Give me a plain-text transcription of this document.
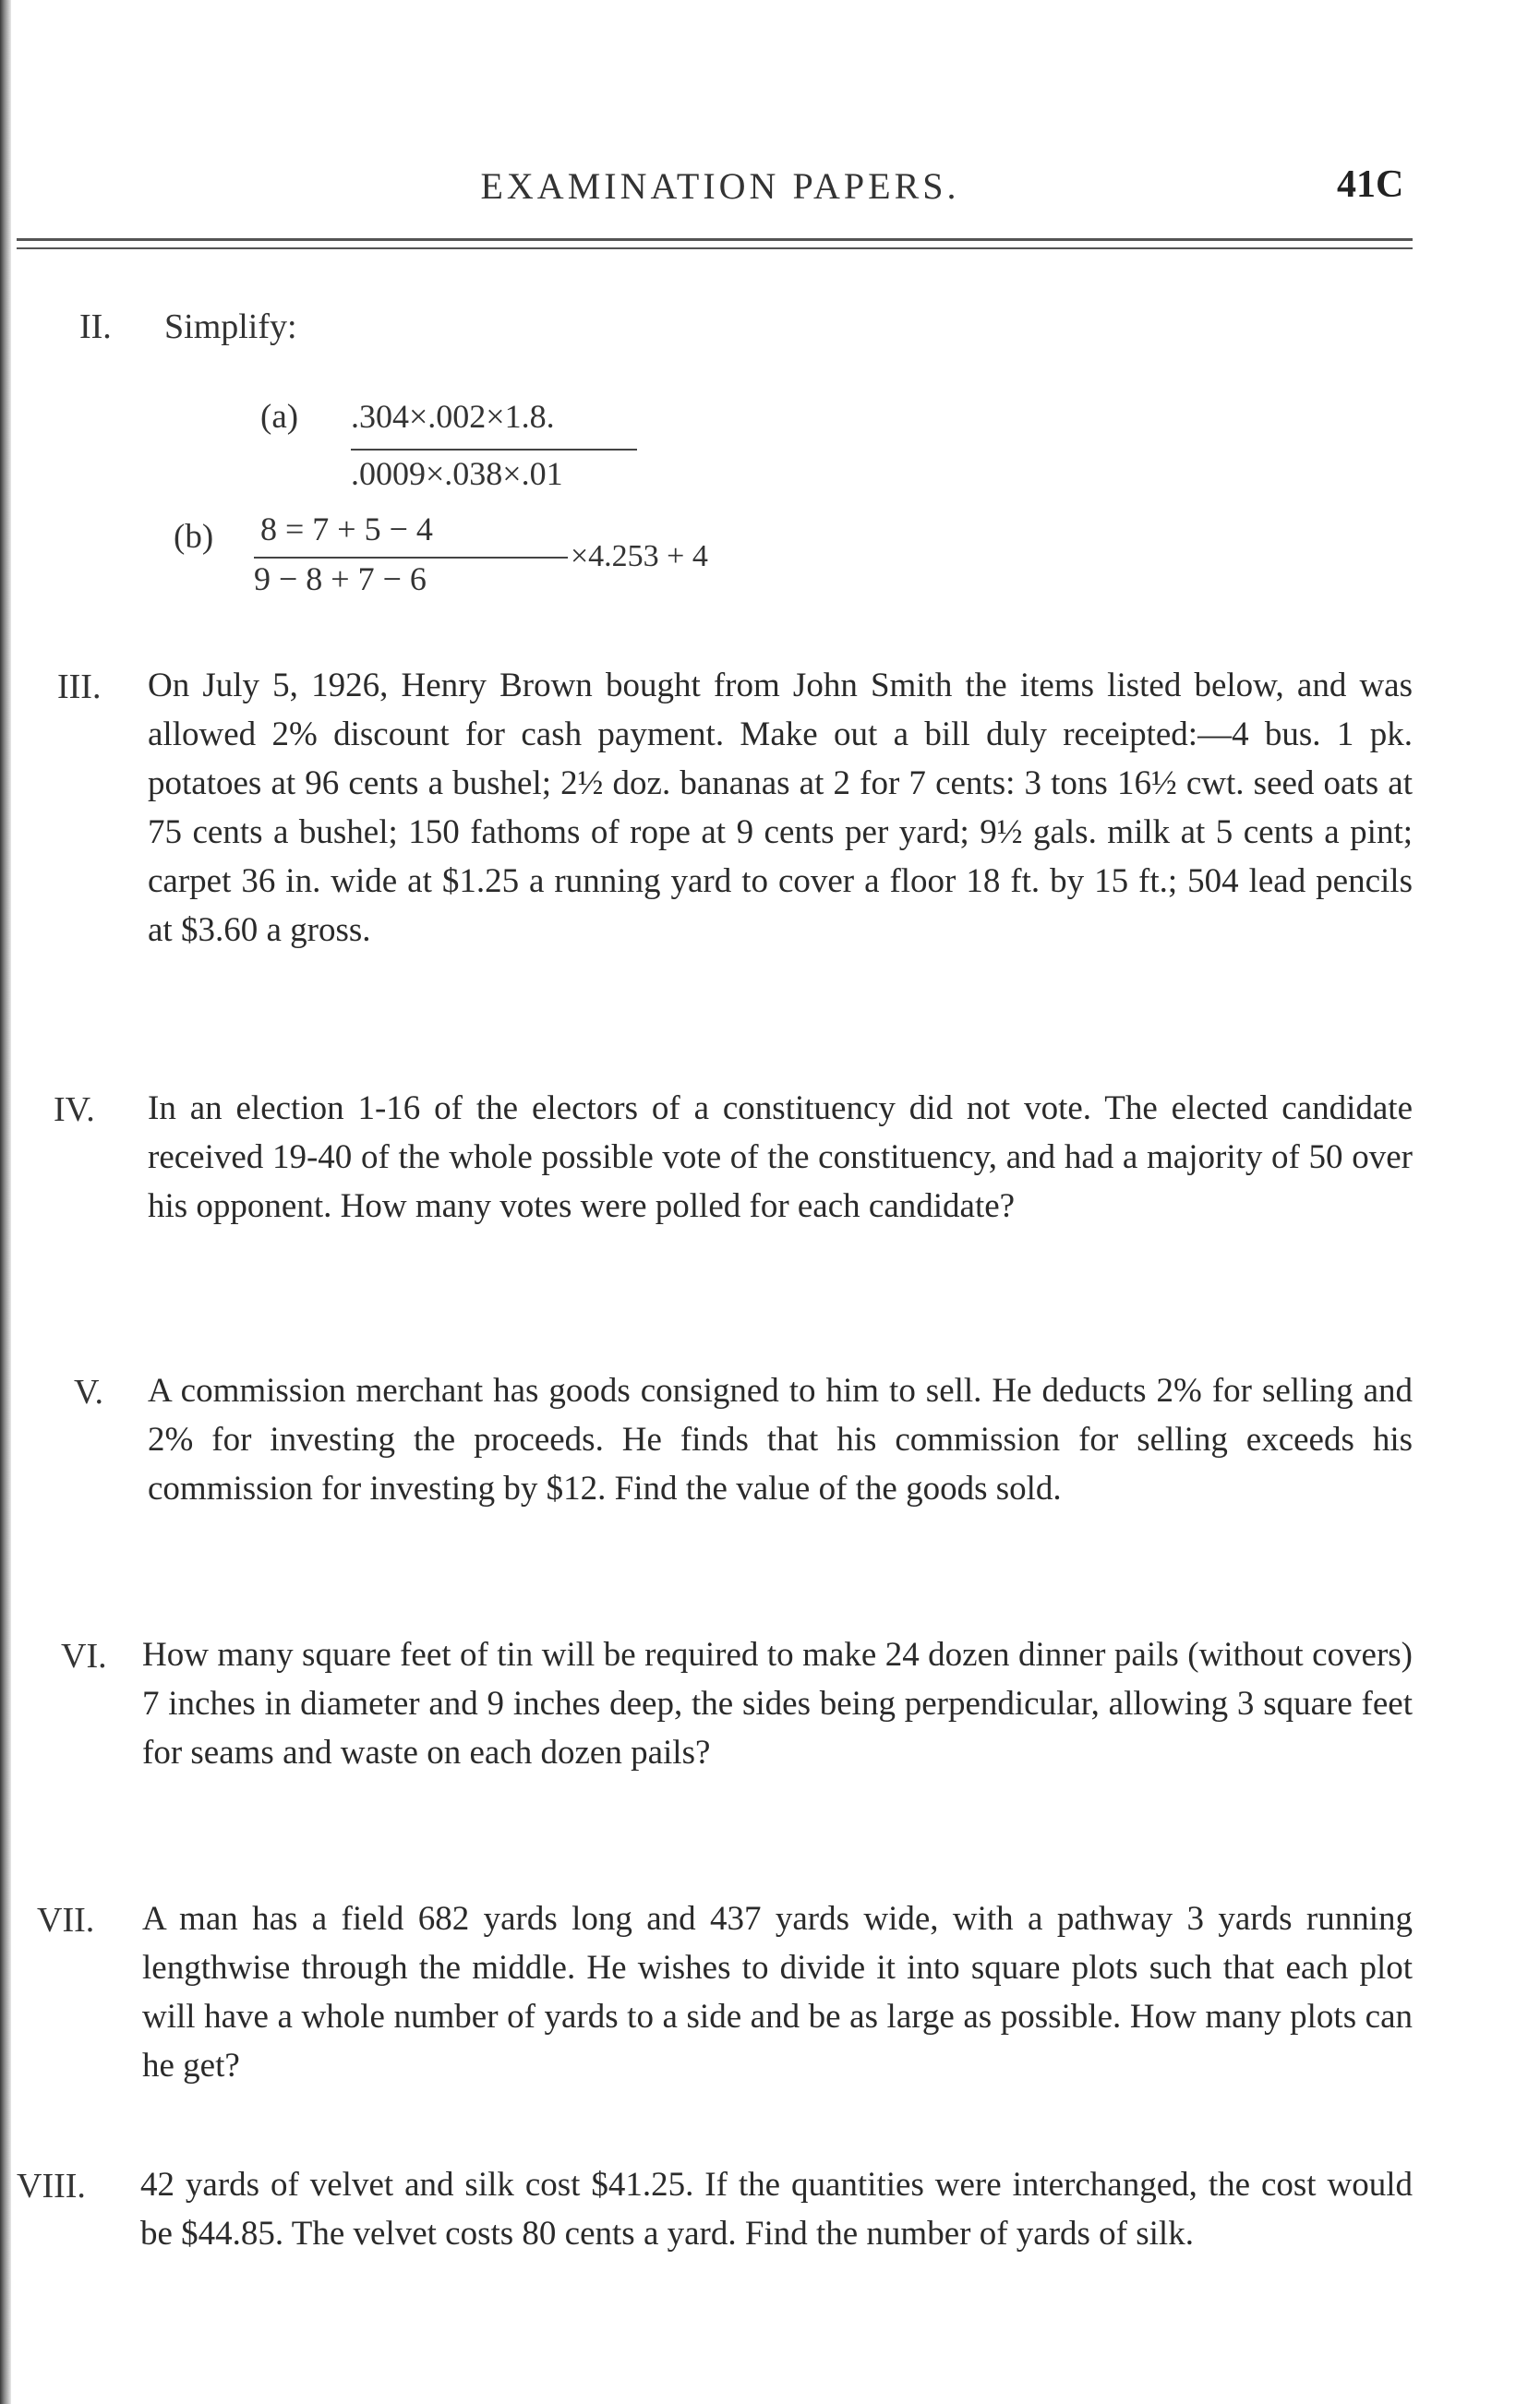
EXAMINATION PAPERS.	41C
II. Simplify:
(a) .304×.002×1.8.
.0009×.038×.01
(b) 8 = 7 + 5 − 4
9 − 8 + 7 − 6
×4.253 + 4
III. On July 5, 1926, Henry Brown bought from John Smith the items listed below, and was allowed 2% discount for cash payment. Make out a bill duly receipted:—4 bus. 1 pk. potatoes at 96 cents a bushel; 2½ doz. bananas at 2 for 7 cents: 3 tons 16½ cwt. seed oats at 75 cents a bushel; 150 fathoms of rope at 9 cents per yard; 9½ gals. milk at 5 cents a pint; carpet 36 in. wide at $1.25 a running yard to cover a floor 18 ft. by 15 ft.; 504 lead pencils at $3.60 a gross.

IV. In an election 1-16 of the electors of a constituency did not vote. The elected candidate received 19-40 of the whole possible vote of the constituency, and had a majority of 50 over his opponent. How many votes were polled for each candidate?

V. A commission merchant has goods consigned to him to sell. He deducts 2% for selling and 2% for investing the proceeds. He finds that his commission for selling exceeds his commission for investing by $12. Find the value of the goods sold.

VI. How many square feet of tin will be required to make 24 dozen dinner pails (without covers) 7 inches in diameter and 9 inches deep, the sides being perpendicular, allowing 3 square feet for seams and waste on each dozen pails?

VII. A man has a field 682 yards long and 437 yards wide, with a pathway 3 yards running lengthwise through the middle. He wishes to divide it into square plots such that each plot will have a whole number of yards to a side and be as large as possible. How many plots can he get?

VIII. 42 yards of velvet and silk cost $41.25. If the quantities were interchanged, the cost would be $44.85. The velvet costs 80 cents a yard. Find the number of yards of silk.
